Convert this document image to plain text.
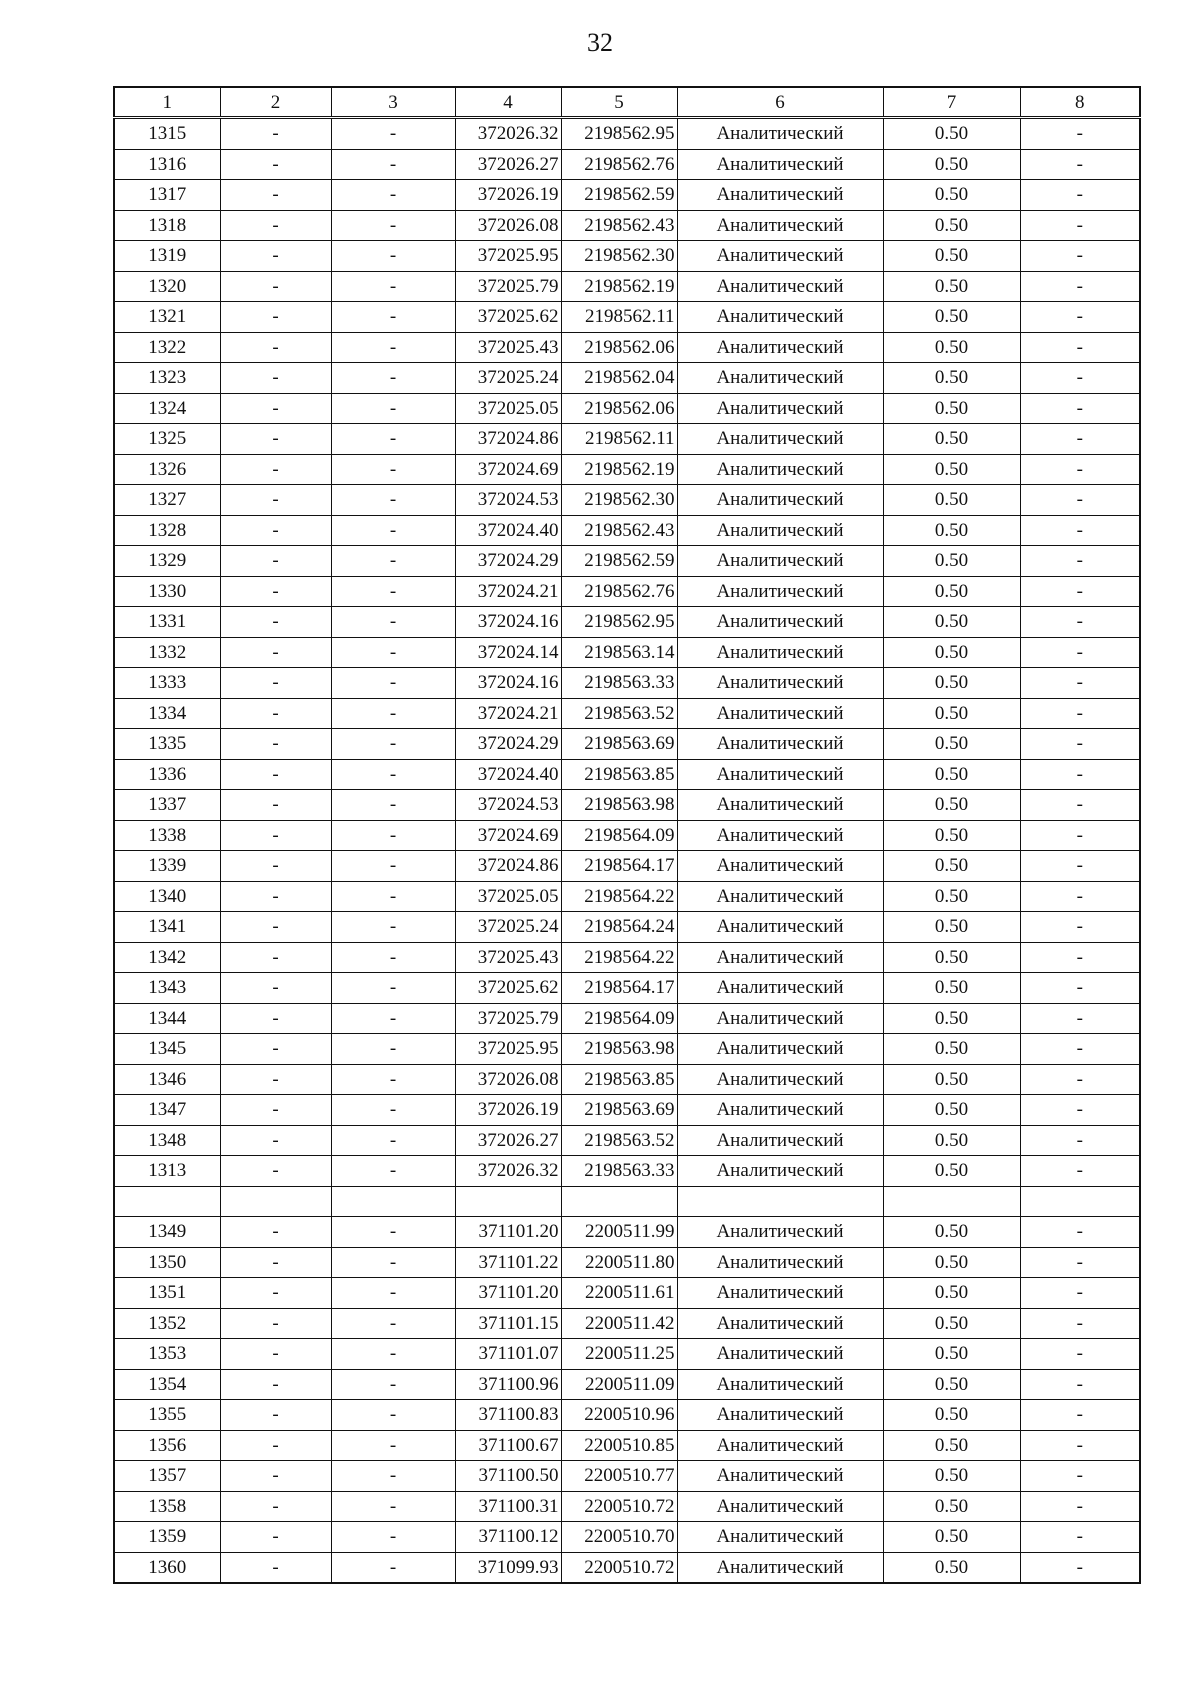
32
1	2	3	4	5	6	7	8
1315	-	-	372026.32	2198562.95	Аналитический	0.50	-
1316	-	-	372026.27	2198562.76	Аналитический	0.50	-
1317	-	-	372026.19	2198562.59	Аналитический	0.50	-
1318	-	-	372026.08	2198562.43	Аналитический	0.50	-
1319	-	-	372025.95	2198562.30	Аналитический	0.50	-
1320	-	-	372025.79	2198562.19	Аналитический	0.50	-
1321	-	-	372025.62	2198562.11	Аналитический	0.50	-
1322	-	-	372025.43	2198562.06	Аналитический	0.50	-
1323	-	-	372025.24	2198562.04	Аналитический	0.50	-
1324	-	-	372025.05	2198562.06	Аналитический	0.50	-
1325	-	-	372024.86	2198562.11	Аналитический	0.50	-
1326	-	-	372024.69	2198562.19	Аналитический	0.50	-
1327	-	-	372024.53	2198562.30	Аналитический	0.50	-
1328	-	-	372024.40	2198562.43	Аналитический	0.50	-
1329	-	-	372024.29	2198562.59	Аналитический	0.50	-
1330	-	-	372024.21	2198562.76	Аналитический	0.50	-
1331	-	-	372024.16	2198562.95	Аналитический	0.50	-
1332	-	-	372024.14	2198563.14	Аналитический	0.50	-
1333	-	-	372024.16	2198563.33	Аналитический	0.50	-
1334	-	-	372024.21	2198563.52	Аналитический	0.50	-
1335	-	-	372024.29	2198563.69	Аналитический	0.50	-
1336	-	-	372024.40	2198563.85	Аналитический	0.50	-
1337	-	-	372024.53	2198563.98	Аналитический	0.50	-
1338	-	-	372024.69	2198564.09	Аналитический	0.50	-
1339	-	-	372024.86	2198564.17	Аналитический	0.50	-
1340	-	-	372025.05	2198564.22	Аналитический	0.50	-
1341	-	-	372025.24	2198564.24	Аналитический	0.50	-
1342	-	-	372025.43	2198564.22	Аналитический	0.50	-
1343	-	-	372025.62	2198564.17	Аналитический	0.50	-
1344	-	-	372025.79	2198564.09	Аналитический	0.50	-
1345	-	-	372025.95	2198563.98	Аналитический	0.50	-
1346	-	-	372026.08	2198563.85	Аналитический	0.50	-
1347	-	-	372026.19	2198563.69	Аналитический	0.50	-
1348	-	-	372026.27	2198563.52	Аналитический	0.50	-
1313	-	-	372026.32	2198563.33	Аналитический	0.50	-

1349	-	-	371101.20	2200511.99	Аналитический	0.50	-
1350	-	-	371101.22	2200511.80	Аналитический	0.50	-
1351	-	-	371101.20	2200511.61	Аналитический	0.50	-
1352	-	-	371101.15	2200511.42	Аналитический	0.50	-
1353	-	-	371101.07	2200511.25	Аналитический	0.50	-
1354	-	-	371100.96	2200511.09	Аналитический	0.50	-
1355	-	-	371100.83	2200510.96	Аналитический	0.50	-
1356	-	-	371100.67	2200510.85	Аналитический	0.50	-
1357	-	-	371100.50	2200510.77	Аналитический	0.50	-
1358	-	-	371100.31	2200510.72	Аналитический	0.50	-
1359	-	-	371100.12	2200510.70	Аналитический	0.50	-
1360	-	-	371099.93	2200510.72	Аналитический	0.50	-
